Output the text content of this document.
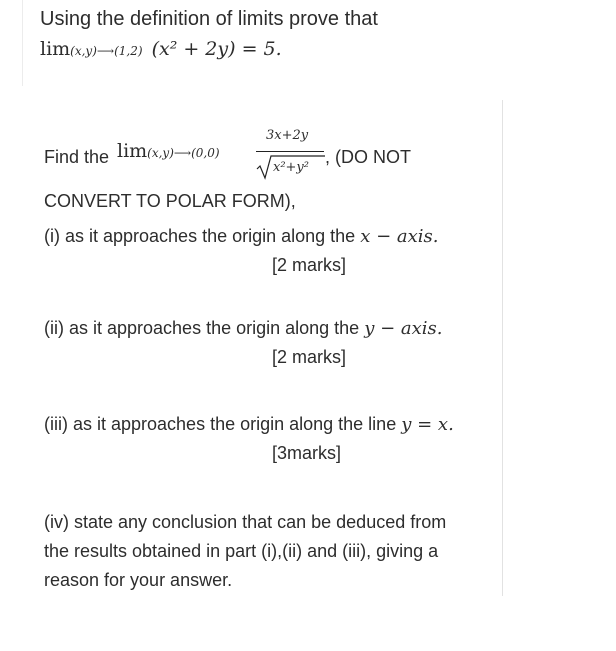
Using the definition of limits prove that
lim(x,y)⟶(1,2) (x² + 2y) = 5.
Find the lim(x,y)⟶(0,0)
3x+2y
x²+y²
, (DO NOT
CONVERT TO POLAR FORM),
(i) as it approaches the origin along the x − axis.
[2 marks]
(ii) as it approaches the origin along the y − axis.
[2 marks]
(iii) as it approaches the origin along the line y = x.
[3marks]
(iv) state any conclusion that can be deduced from
the results obtained in part (i),(ii) and (iii), giving a
reason for your answer.
